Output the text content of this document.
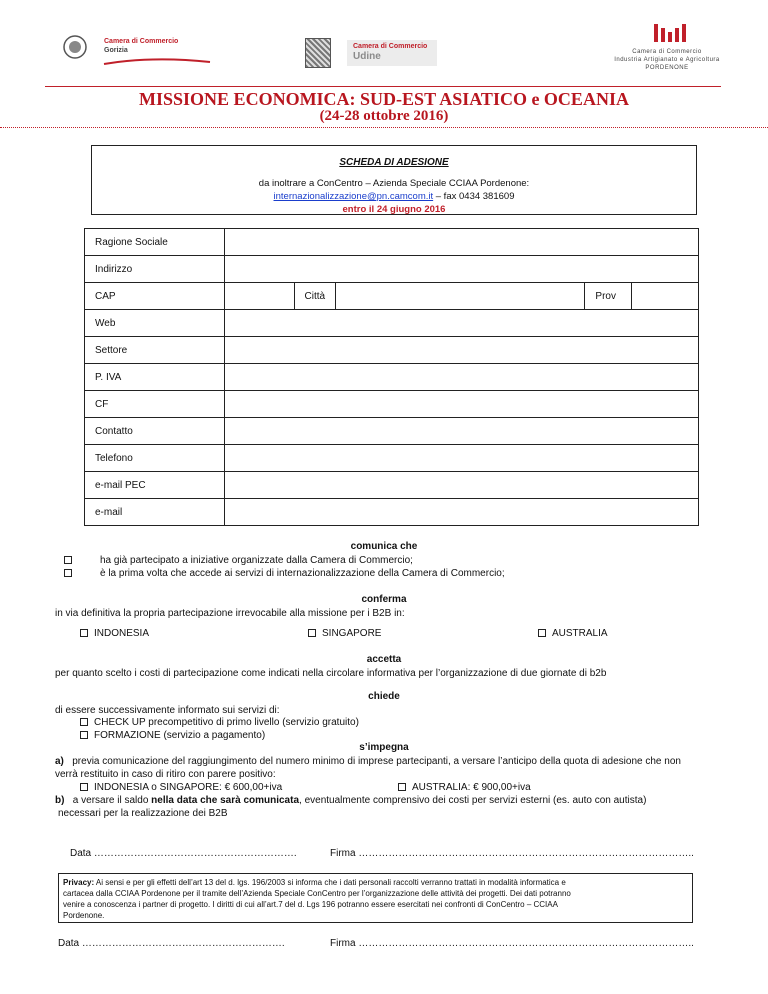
Camera di Commercio
Gorizia
Camera di Commercio
Udine	Camera di Commercio
Industria Artigianato e Agricoltura
PORDENONE
MISSIONE ECONOMICA: SUD-EST ASIATICO e OCEANIA
(24-28 ottobre 2016)
SCHEDA DI ADESIONE
da inoltrare a ConCentro – Azienda Speciale CCIAA Pordenone:
internazionalizzazione@pn.camcom.it – fax 0434 381609
entro il 24 giugno 2016
Ragione Sociale					
Indirizzo					
CAP		Città		Prov	
Web					
Settore					
P. IVA					
CF					
Contatto					
Telefono					
e-mail PEC					
e-mail					
comunica che
ha già partecipato a iniziative organizzate dalla Camera di Commercio;
è la prima volta che accede ai servizi di internazionalizzazione della Camera di Commercio;
conferma
in via definitiva la propria partecipazione irrevocabile alla missione per i B2B in:
INDONESIA	SINGAPORE	AUSTRALIA
accetta
per quanto scelto i costi di partecipazione come indicati nella circolare informativa per l’organizzazione di due giornate di b2b
chiede
di essere successivamente informato sui servizi di:
CHECK UP precompetitivo di primo livello (servizio gratuito)
FORMAZIONE (servizio a pagamento)
s’impegna
a) previa comunicazione del raggiungimento del numero minimo di imprese partecipanti, a versare l’anticipo della quota di adesione che non
verrà restituito in caso di ritiro con parere positivo:
INDONESIA o SINGAPORE: € 600,00+iva	AUSTRALIA: € 900,00+iva
b) a versare il saldo nella data che sarà comunicata, eventualmente comprensivo dei costi per servizi esterni (es. auto con autista)
necessari per la realizzazione dei B2B
Data …………………………………………………….	Firma ………………………………………………………………………………………..
Privacy: Ai sensi e per gli effetti dell’art 13 del d. lgs. 196/2003 si informa che i dati personali raccolti verranno trattati in modalità informatica e
cartacea dalla CCIAA Pordenone per il tramite dell’Azienda Speciale ConCentro per l’organizzazione delle attività dei progetti. Dei dati potranno
venire a conoscenza i partner di progetto. I diritti di cui all’art.7 del d. Lgs 196 potranno essere esercitati nei confronti di ConCentro – CCIAA
Pordenone.
Data …………………………………………………….	Firma ………………………………………………………………………………………..
